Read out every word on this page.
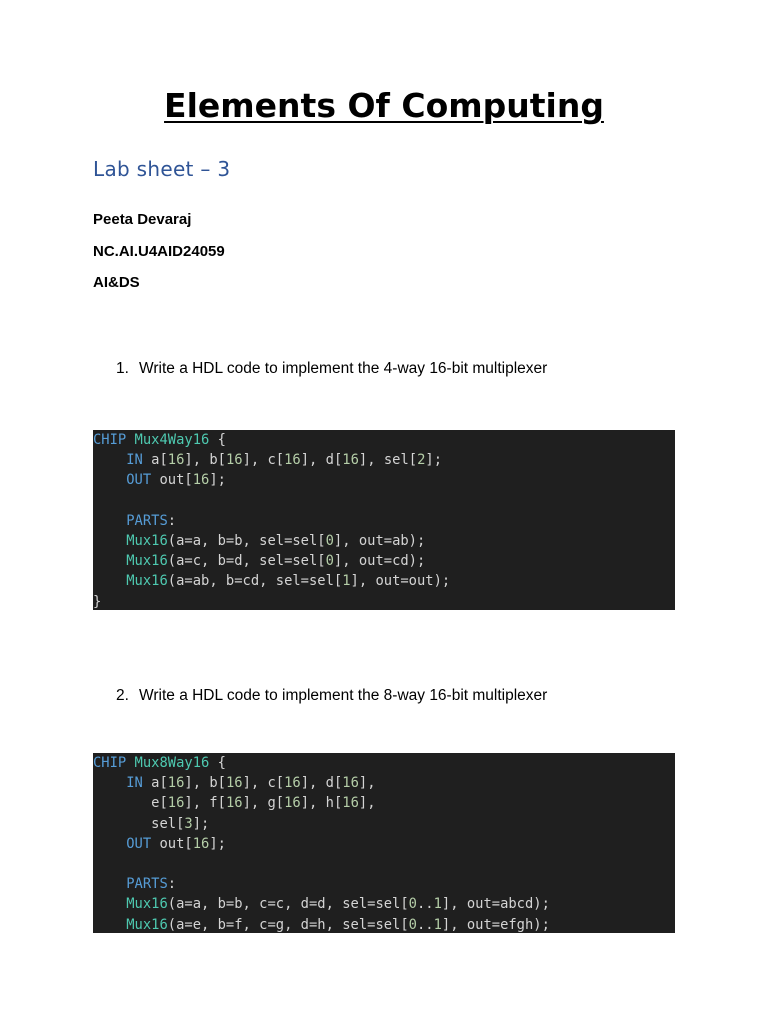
Elements Of Computing
Lab sheet – 3
Peeta Devaraj
NC.AI.U4AID24059
AI&DS
1. Write a HDL code to implement the 4-way 16-bit multiplexer
CHIP Mux4Way16 {
IN a[16], b[16], c[16], d[16], sel[2];
OUT out[16];

PARTS:
Mux16(a=a, b=b, sel=sel[0], out=ab);
Mux16(a=c, b=d, sel=sel[0], out=cd);
Mux16(a=ab, b=cd, sel=sel[1], out=out);
}
2. Write a HDL code to implement the 8-way 16-bit multiplexer
CHIP Mux8Way16 {
IN a[16], b[16], c[16], d[16],
e[16], f[16], g[16], h[16],
sel[3];
OUT out[16];

PARTS:
Mux16(a=a, b=b, c=c, d=d, sel=sel[0..1], out=abcd);
Mux16(a=e, b=f, c=g, d=h, sel=sel[0..1], out=efgh);
